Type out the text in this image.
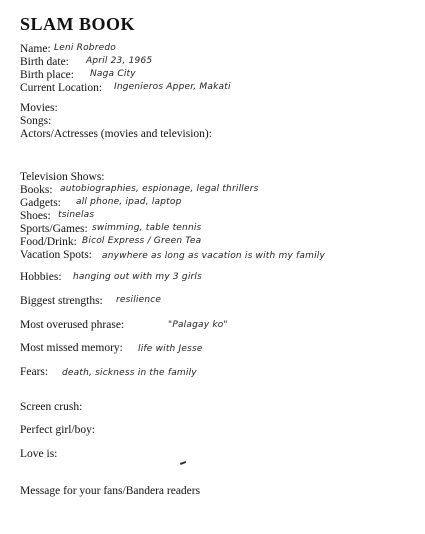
SLAM BOOK
Name: Leni Robredo
Birth date: April 23, 1965
Birth place: Naga City
Current Location: Ingenieros Apper, Makati
Movies:
Songs:
Actors/Actresses (movies and television):
Television Shows:
Books: autobiographies, espionage, legal thrillers
Gadgets: all phone, ipad, laptop
Shoes: tsinelas
Sports/Games: swimming, table tennis
Food/Drink: Bicol Express / Green Tea
Vacation Spots: anywhere as long as vacation is with my family
Hobbies: hanging out with my 3 girls
Biggest strengths: resilience
Most overused phrase:	"Palagay ko"
Most missed memory: life with Jesse
Fears: death, sickness in the family
Screen crush:
Perfect girl/boy:
Love is:
Message for your fans/Bandera readers
